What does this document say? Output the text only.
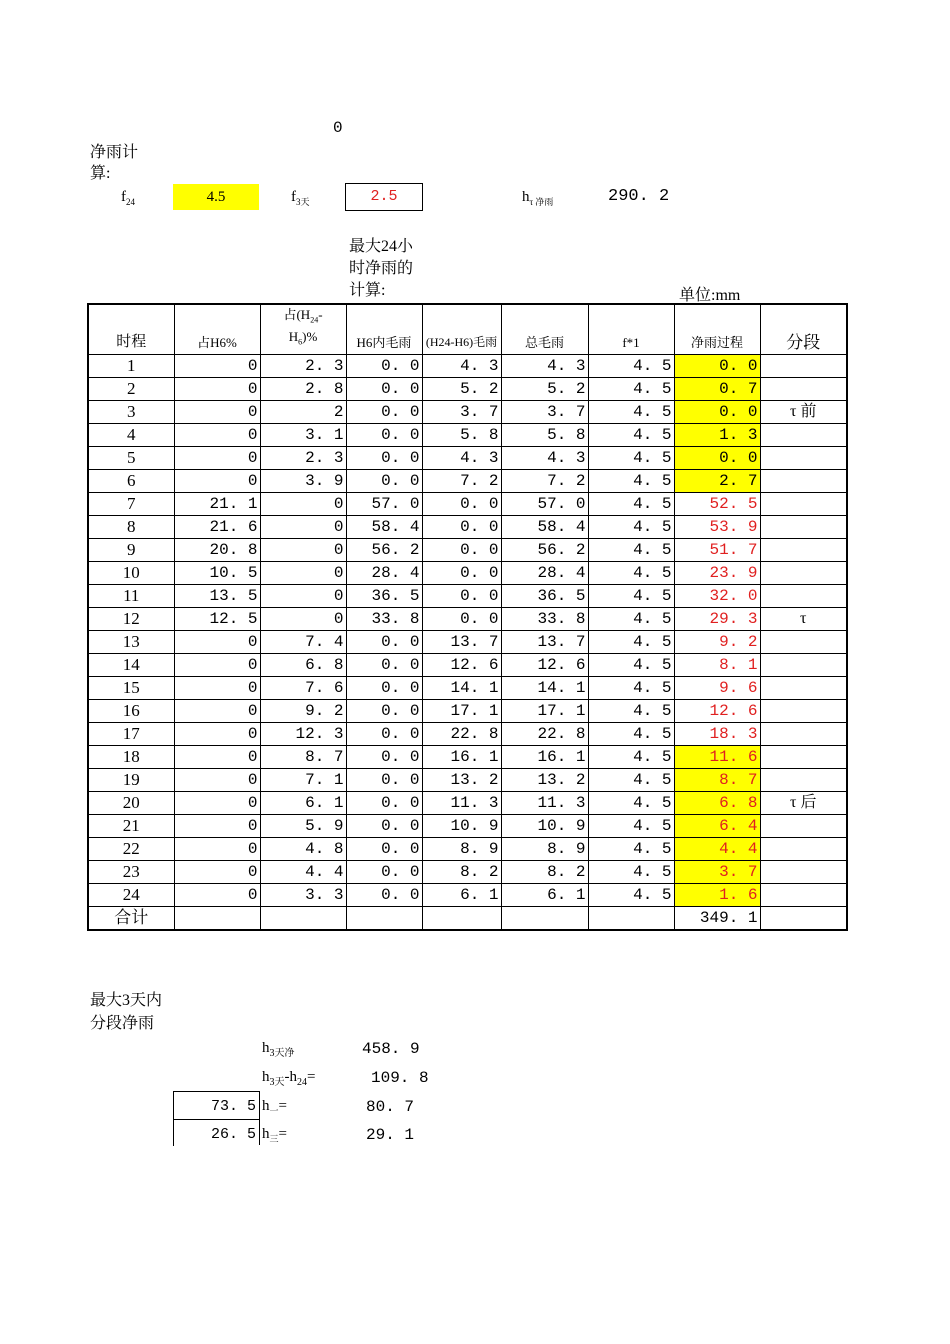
0
净雨计
算:
$f_{24}$	4.5	$f_{3天}$	2.5	$h_{\tau 净雨}$	290. 2
最大24小
时净雨的
计算:	单位:mm
时程	占H6%	占($H_{24}-$
$H_6)\%$	H6内毛雨	(H24-H6)毛雨	总毛雨	f*1	净雨过程	分段
1	0	2. 3	0. 0	4. 3	4. 3	4. 5	0. 0	
2	0	2. 8	0. 0	5. 2	5. 2	4. 5	0. 7	
3	0	2	0. 0	3. 7	3. 7	4. 5	0. 0	τ 前
4	0	3. 1	0. 0	5. 8	5. 8	4. 5	1. 3	
5	0	2. 3	0. 0	4. 3	4. 3	4. 5	0. 0	
6	0	3. 9	0. 0	7. 2	7. 2	4. 5	2. 7	
7	21. 1	0	57. 0	0. 0	57. 0	4. 5	52. 5	
8	21. 6	0	58. 4	0. 0	58. 4	4. 5	53. 9	
9	20. 8	0	56. 2	0. 0	56. 2	4. 5	51. 7	
10	10. 5	0	28. 4	0. 0	28. 4	4. 5	23. 9	
11	13. 5	0	36. 5	0. 0	36. 5	4. 5	32. 0	
12	12. 5	0	33. 8	0. 0	33. 8	4. 5	29. 3	τ
13	0	7. 4	0. 0	13. 7	13. 7	4. 5	9. 2	
14	0	6. 8	0. 0	12. 6	12. 6	4. 5	8. 1	
15	0	7. 6	0. 0	14. 1	14. 1	4. 5	9. 6	
16	0	9. 2	0. 0	17. 1	17. 1	4. 5	12. 6	
17	0	12. 3	0. 0	22. 8	22. 8	4. 5	18. 3	
18	0	8. 7	0. 0	16. 1	16. 1	4. 5	11. 6	
19	0	7. 1	0. 0	13. 2	13. 2	4. 5	8. 7	
20	0	6. 1	0. 0	11. 3	11. 3	4. 5	6. 8	τ 后
21	0	5. 9	0. 0	10. 9	10. 9	4. 5	6. 4	
22	0	4. 8	0. 0	8. 9	8. 9	4. 5	4. 4	
23	0	4. 4	0. 0	8. 2	8. 2	4. 5	3. 7	
24	0	3. 3	0. 0	6. 1	6. 1	4. 5	1. 6	
合计							349. 1	
最大3天内
分段净雨
$h_{3天净}$	458. 9
$h_{3天}-h_{24}=$	109. 8
73. 5 $h_一=$	80. 7
26. 5 $h_三=$	29. 1
